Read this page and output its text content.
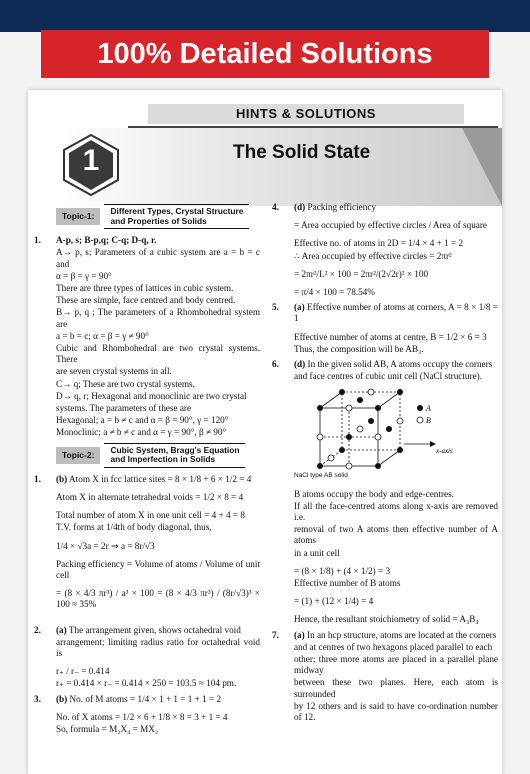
100% Detailed Solutions
HINTS & SOLUTIONS
1	The Solid State
Topic-1:	Different Types, Crystal Structure
and Properties of Solids
1.	A-p, s; B-p,q; C-q; D-q, r.

A→ p, s; Parameters of a cubic system are a = b = c and

α = β = γ = 90°

There are three types of lattices in cubic system.

These are simple, face centred and body centred.

B→ p, q ; The parameters of a Rhombohedral system are

a = b = c; α = β = γ ≠ 90°

Cubic and Rhombohedral are two crystal systems. There

are seven crystal systems in all.

C→ q; These are two crystal systems.

D→ q, r; Hexagonal and monoclinic are two crystal

systems. The parameters of these are

Hexagonal; a = b ≠ c and α = β = 90°, γ = 120°

Monoclinic; a ≠ b ≠ c and α = γ = 90°, β ≠ 90°

Topic-2:	Cubic System, Bragg's Equation
and Imperfection in Solids
1.	(b) Atom X in fcc lattice sites = 8 × 1/8 + 6 × 1/2 = 4

Atom X in alternate tetrahedral voids = 1/2 × 8 = 4

Total number of atom X in one unit cell = 4 + 4 = 8

T.V. forms at 1/4th of body diagonal, thus,

1/4 × √3a = 2r ⇒ a = 8r/√3

Packing efficiency = Volume of atoms / Volume of unit cell

= (8 × 4/3 πr³) / a³ × 100 = (8 × 4/3 πr³) / (8r/√3)³ × 100 ≈ 35%

2.	(a) The arrangement given, shows octahedral void

arrangement; limiting radius ratio for octahedral void is

r₊ / r₋ = 0.414

r₊ = 0.414 × r₋ = 0.414 × 250 = 103.5 ≈ 104 pm.

3.	(b) No. of M atoms = 1/4 × 1 + 1 = 1 + 1 = 2

No. of X atoms = 1/2 × 6 + 1/8 × 8 = 3 + 1 = 4

So, formula = M₂X₄ = MX₂

4.	(d) Packing efficiency

= Area occupied by effective circles / Area of square

Effective no. of atoms in 2D = 1/4 × 4 + 1 = 2

∴ Area occupied by effective circles = 2πr²

= 2πr²/L² × 100 = 2πr²/(2√2r)² × 100

= π/4 × 100 = 78.54%

5.	(a) Effective number of atoms at corners, A = 8 × 1/8 = 1

Effective number of atoms at centre, B = 1/2 × 6 = 3

Thus, the composition will be AB₃.

6.	(d) In the given solid AB, A atoms occupy the corners

and face centres of cubic unit cell (NaCl structure).

A
B
x-axis

NaCl type AB solid

B atoms occupy the body and edge-centres.

If all the face-centred atoms along x-axis are removed i.e.

removal of two A atoms then effective number of A atoms

in a unit cell

= (8 × 1/8) + (4 × 1/2) = 3

Effective number of B atoms

= (1) + (12 × 1/4) = 4

Hence, the resultant stoichiometry of solid = A₃B₄

7.	(a) In an hcp structure, atoms are located at the corners

and at centres of two hexagons placed parallel to each

other; three more atoms are placed in a parallel plane midway

between these two planes. Here, each atom is surrounded

by 12 others and is said to have co-ordination number of 12.
